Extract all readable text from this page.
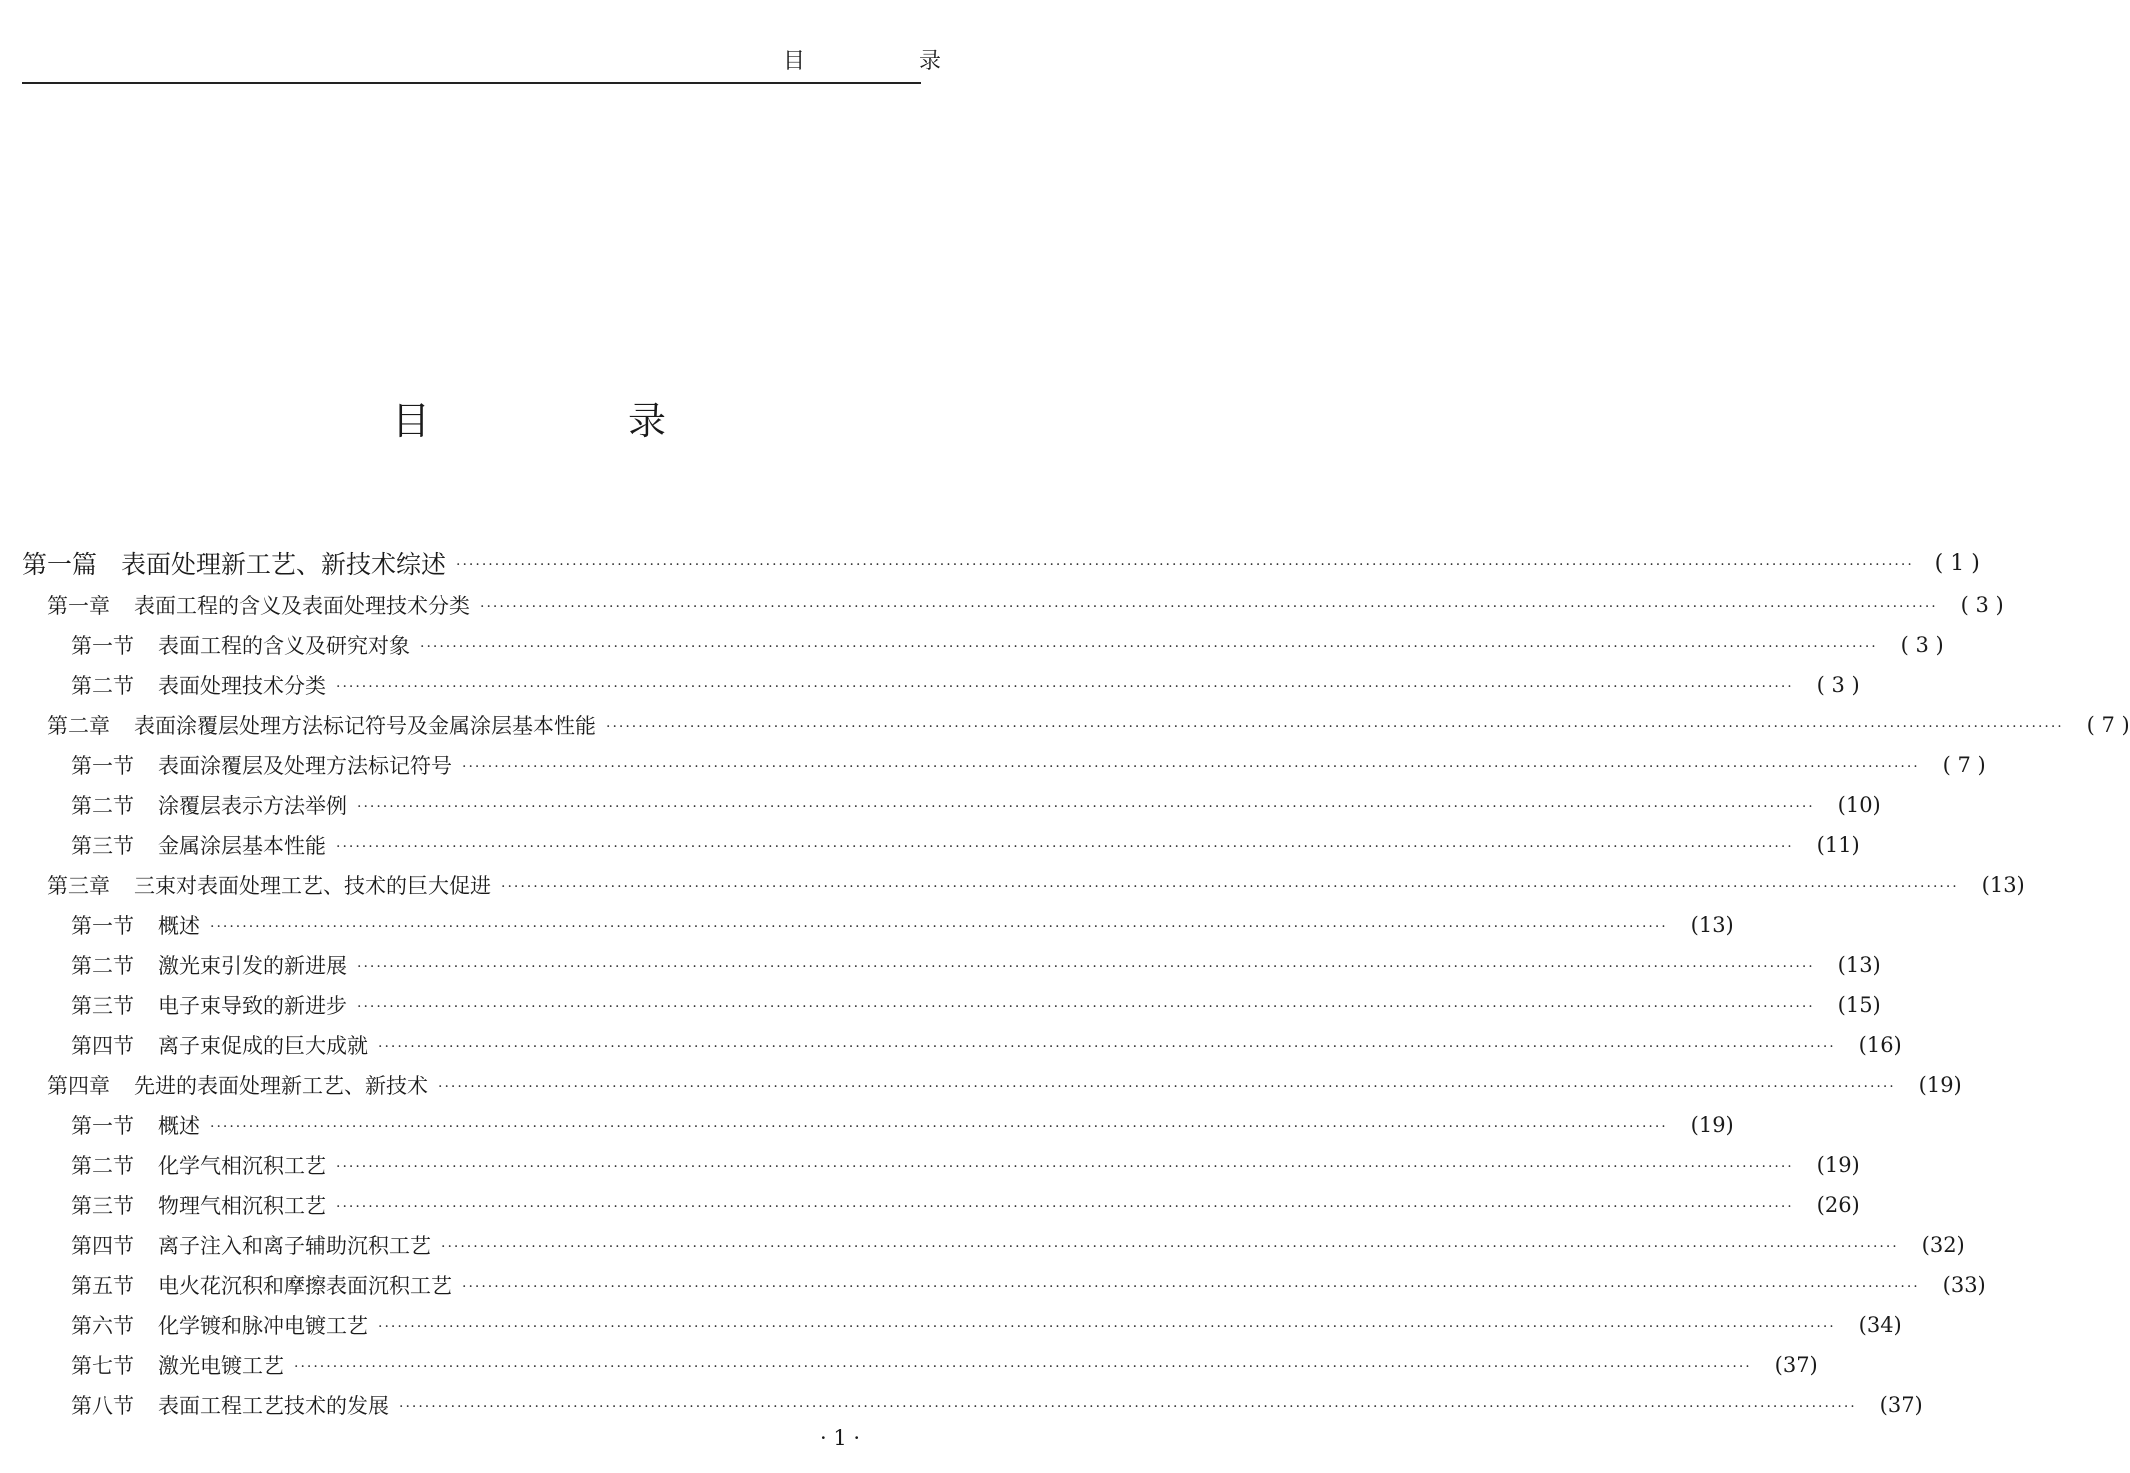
目　录
目　录
第一篇 表面处理新工艺、新技术综述 ·····	( 1 )
第一章 表面工程的含义及表面处理技术分类 ·····	( 3 )
第一节 表面工程的含义及研究对象 ·····	( 3 )
第二节 表面处理技术分类 ·····	( 3 )
第二章 表面涂覆层处理方法标记符号及金属涂层基本性能 ·····	( 7 )
第一节 表面涂覆层及处理方法标记符号 ·····	( 7 )
第二节 涂覆层表示方法举例 ·····	(10)
第三节 金属涂层基本性能 ·····	(11)
第三章 三束对表面处理工艺、技术的巨大促进 ·····	(13)
第一节 概述 ·····	(13)
第二节 激光束引发的新进展 ·····	(13)
第三节 电子束导致的新进步 ·····	(15)
第四节 离子束促成的巨大成就 ·····	(16)
第四章 先进的表面处理新工艺、新技术 ·····	(19)
第一节 概述 ·····	(19)
第二节 化学气相沉积工艺 ·····	(19)
第三节 物理气相沉积工艺 ·····	(26)
第四节 离子注入和离子辅助沉积工艺 ·····	(32)
第五节 电火花沉积和摩擦表面沉积工艺 ·····	(33)
第六节 化学镀和脉冲电镀工艺 ·····	(34)
第七节 激光电镀工艺 ·····	(37)
第八节 表面工程工艺技术的发展 ·····	(37)
· 1 ·
